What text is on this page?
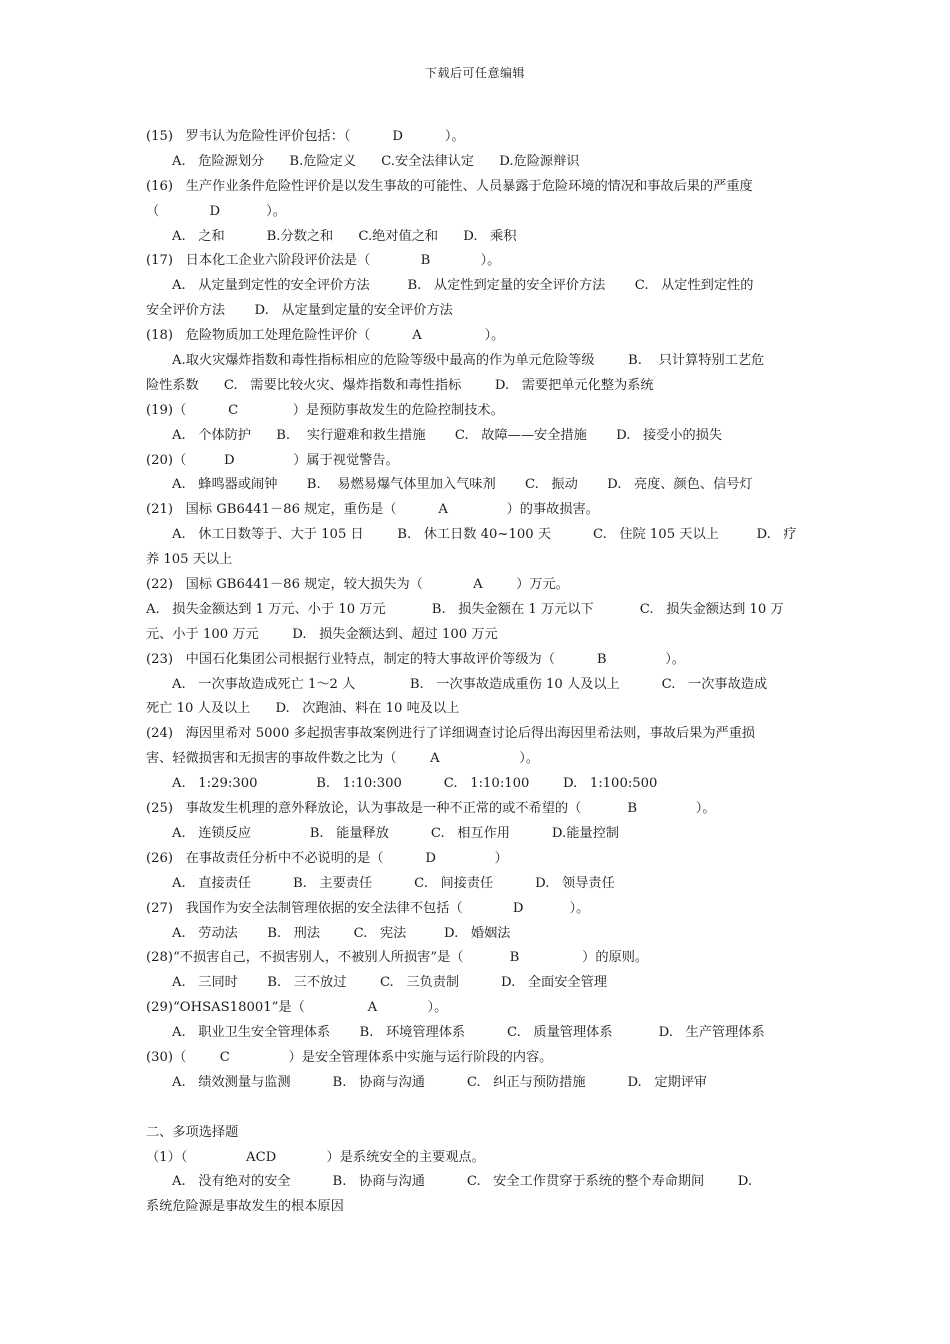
下载后可任意编辑
(15)   罗韦认为危险性评价包括：（          D          ）。
A.   危险源划分      B.危险定义      C.安全法律认定      D.危险源辩识
(16)   生产作业条件危险性评价是以发生事故的可能性、人员暴露于危险环境的情况和事故后果的严重度
（            D           ）。
A.   之和          B.分数之和      C.绝对值之和      D.   乘积
(17)   日本化工企业六阶段评价法是（            B            ）。
A.   从定量到定性的安全评价方法         B.   从定性到定量的安全评价方法       C.   从定性到定性的
安全评价方法       D.   从定量到定量的安全评价方法
(18)   危险物质加工处理危险性评价（          A               ）。
A.取火灾爆炸指数和毒性指标相应的危险等级中最高的作为单元危险等级        B.    只计算特别工艺危
险性系数      C.   需要比较火灾、爆炸指数和毒性指标        D.   需要把单元化整为系统
(19)（          C             ）是预防事故发生的危险控制技术。
A.   个体防护      B.    实行避难和救生措施       C.   故障——安全措施       D.   接受小的损失
(20)（         D              ）属于视觉警告。
A.   蜂鸣器或闹钟       B.    易燃易爆气体里加入气味剂       C.   振动       D.   亮度、颜色、信号灯
(21)   国标 GB6441－86 规定，重伤是（          A              ）的事故损害。
A.   休工日数等于、大于 105 日        B.   休工日数 40~100 天          C.   住院 105 天以上         D.   疗
养 105 天以上
(22)   国标 GB6441－86 规定，较大损失为（            A        ）万元。
A.   损失金额达到 1 万元、小于 10 万元           B.   损失金额在 1 万元以下           C.   损失金额达到 10 万
元、小于 100 万元        D.   损失金额达到、超过 100 万元
(23)   中国石化集团公司根据行业特点，制定的特大事故评价等级为（          B              ）。
A.   一次事故造成死亡 1～2 人             B.   一次事故造成重伤 10 人及以上          C.   一次事故造成
死亡 10 人及以上      D.   次跑油、料在 10 吨及以上
(24)   海因里希对 5000 多起损害事故案例进行了详细调查讨论后得出海因里希法则，事故后果为严重损
害、轻微损害和无损害的事故件数之比为（        A                   ）。
A.   1:29:300              B.   1:10:300          C.   1:10:100        D.   1:100:500
(25)   事故发生机理的意外释放论，认为事故是一种不正常的或不希望的（           B              ）。
A.   连锁反应              B.   能量释放          C.   相互作用          D.能量控制
(26)   在事故责任分析中不必说明的是（          D              ）
A.   直接责任          B.   主要责任          C.   间接责任          D.   领导责任
(27)   我国作为安全法制管理依据的安全法律不包括（            D           ）。
A.   劳动法       B.   刑法        C.   宪法         D.   婚姻法
(28)“不损害自己，不损害别人，不被别人所损害”是（           B               ）的原则。
A.   三同时       B.   三不放过        C.   三负责制          D.   全面安全管理
(29)“OHSAS18001”是（               A            ）。
A.   职业卫生安全管理体系       B.   环境管理体系          C.   质量管理体系           D.   生产管理体系
(30)（        C              ）是安全管理体系中实施与运行阶段的内容。
A.   绩效测量与监测          B.   协商与沟通          C.   纠正与预防措施          D.   定期评审
二、多项选择题
（1）（              ACD            ）是系统安全的主要观点。
A.   没有绝对的安全          B.   协商与沟通          C.   安全工作贯穿于系统的整个寿命期间        D.
系统危险源是事故发生的根本原因
